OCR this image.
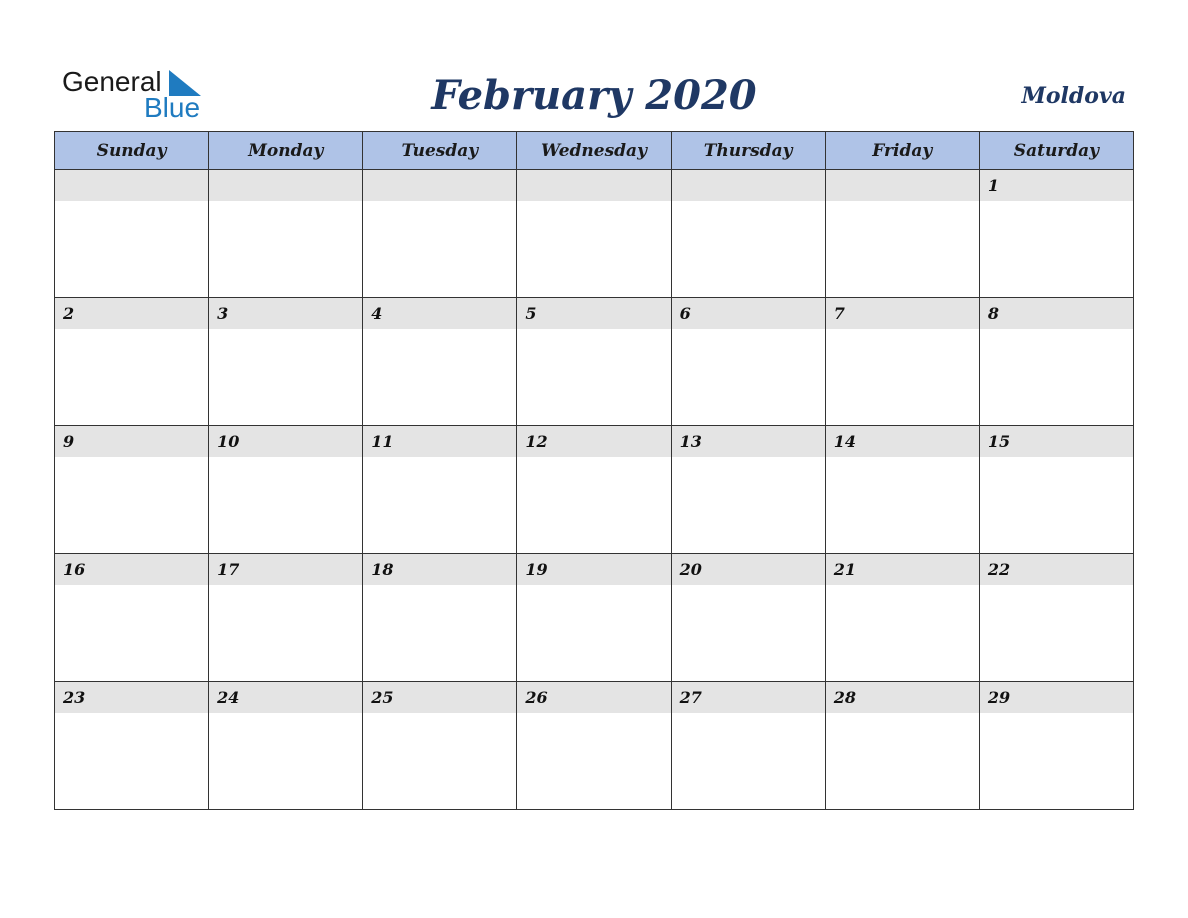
General
Blue	February 2020	Moldova
Sunday	Monday	Tuesday	Wednesday	Thursday	Friday	Saturday

						1

2	3	4	5	6	7	8

9	10	11	12	13	14	15

16	17	18	19	20	21	22

23	24	25	26	27	28	29
